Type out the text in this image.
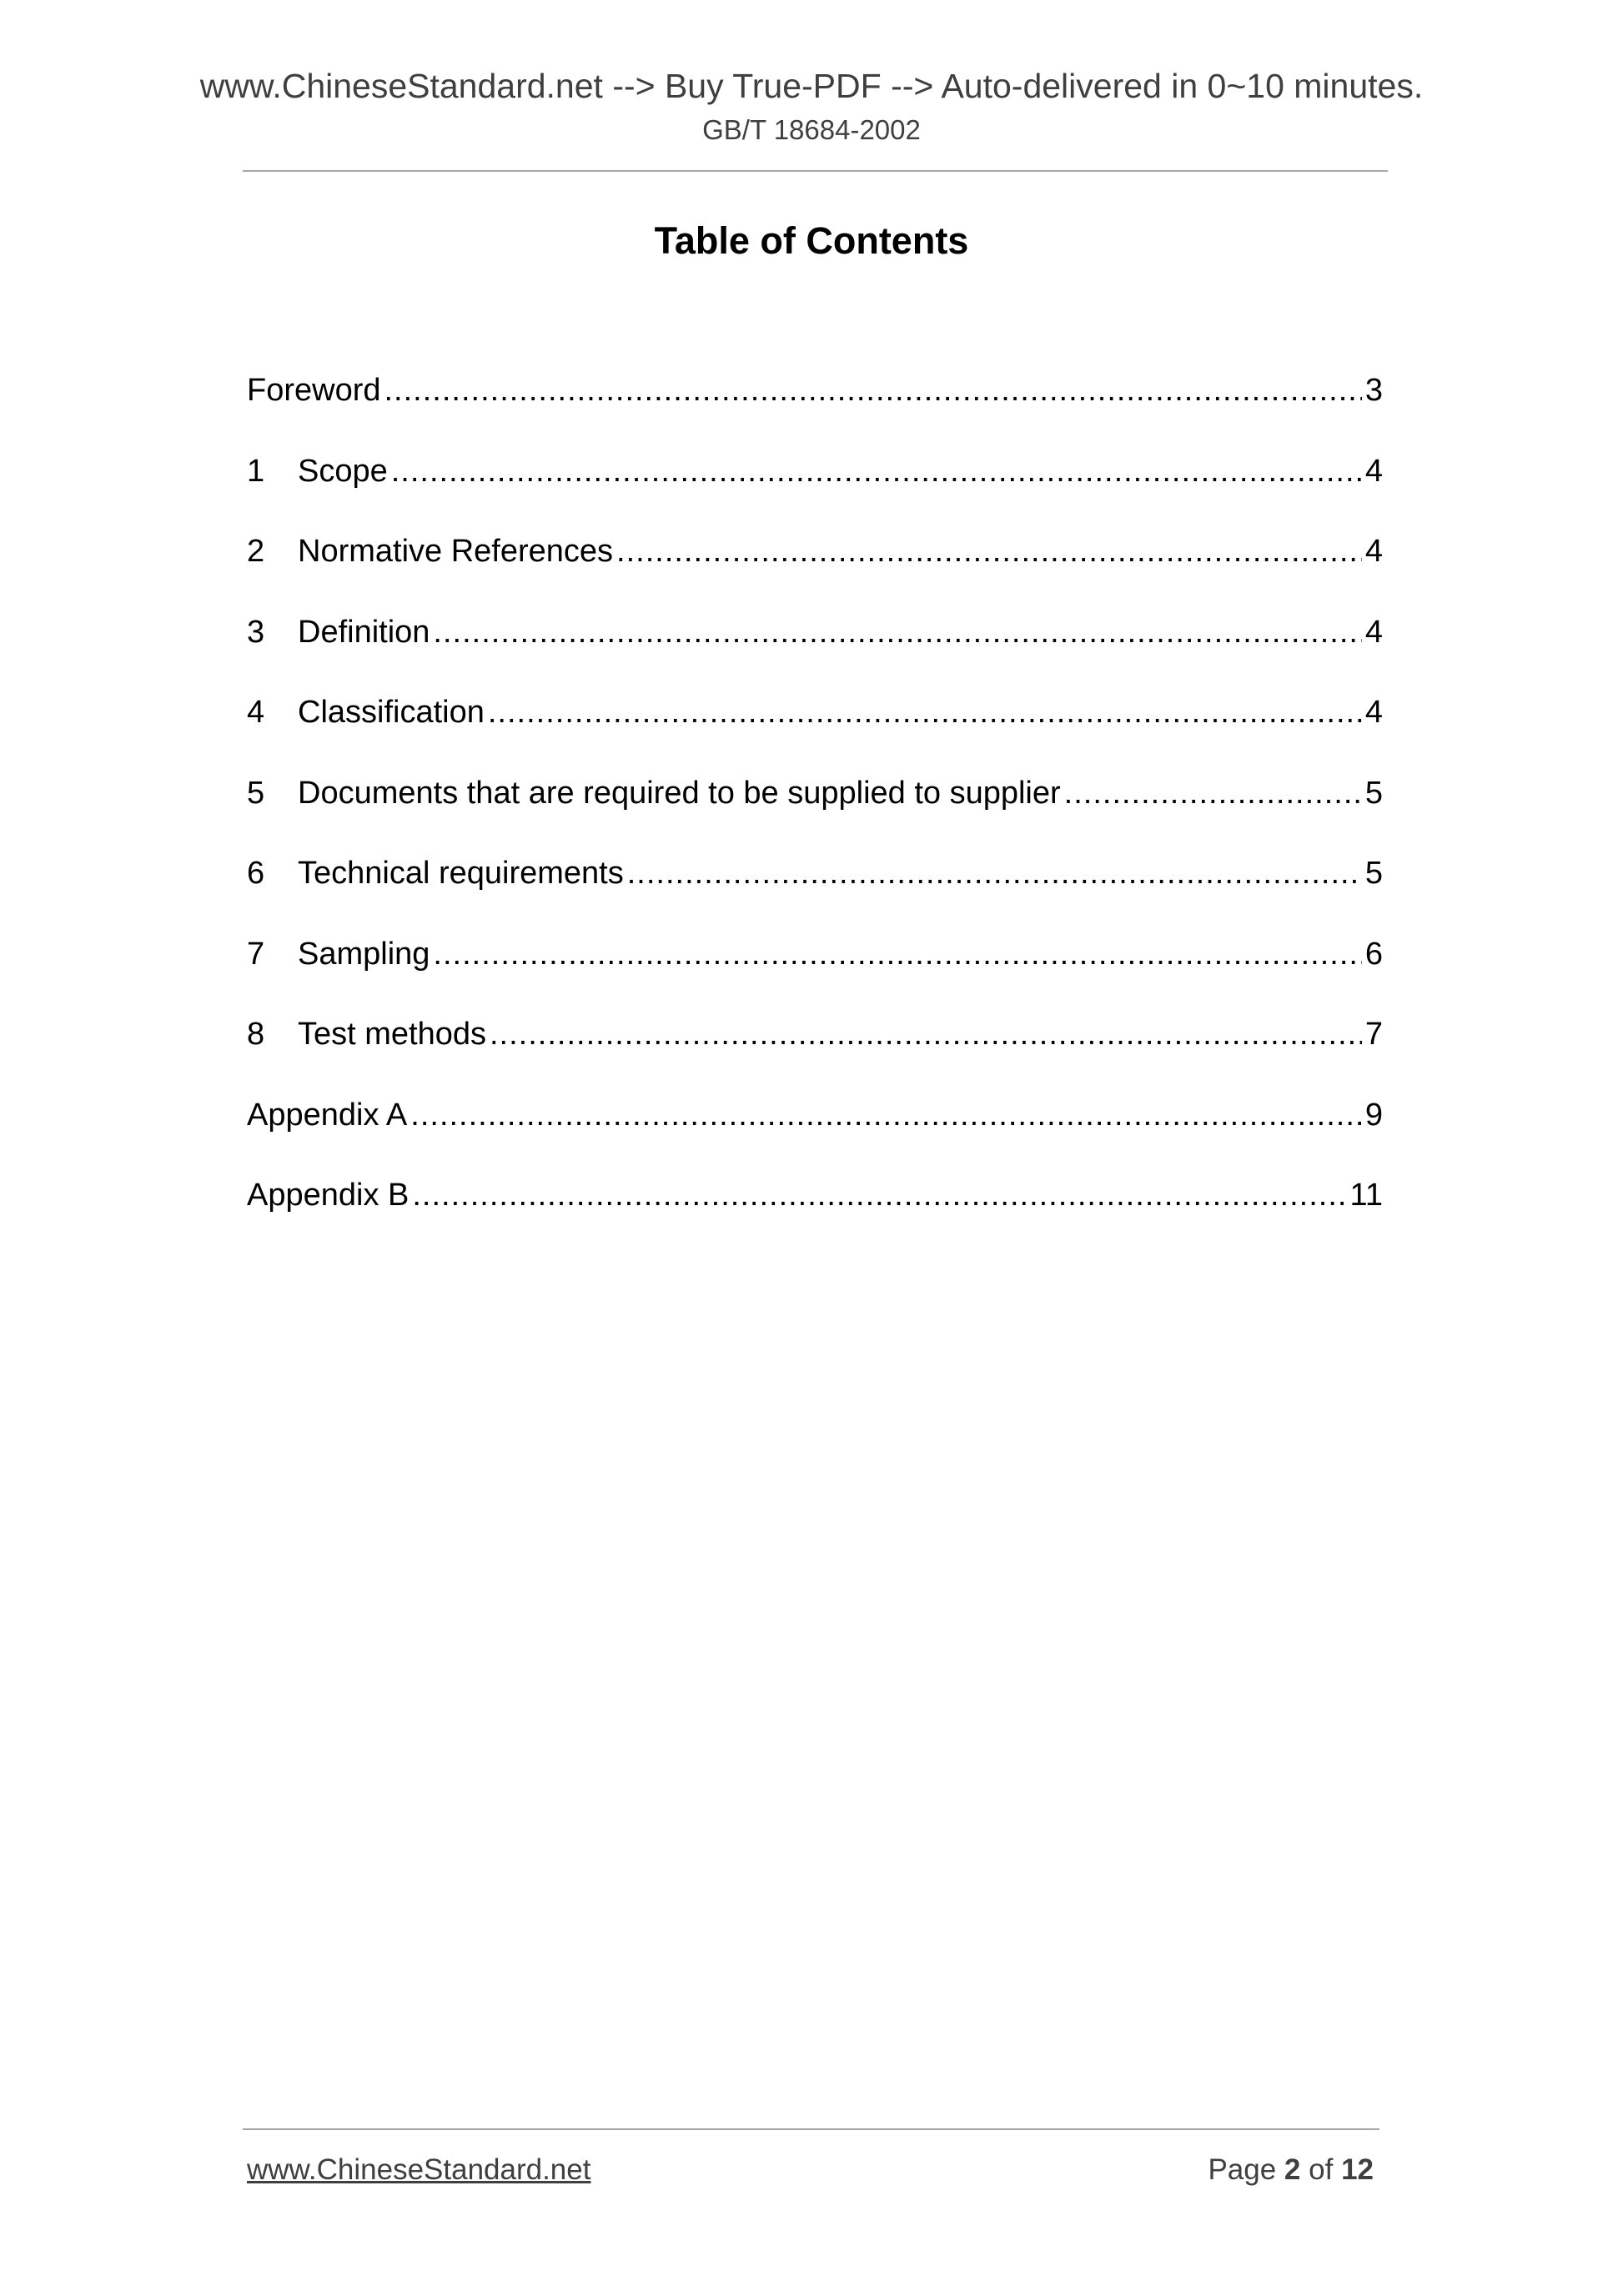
www.ChineseStandard.net --> Buy True-PDF --> Auto-delivered in 0~10 minutes.
GB/T 18684-2002
Table of Contents
Foreword .....	3
1	Scope .....	4
2	Normative References .....	4
3	Definition .....	4
4	Classification .....	4
5	Documents that are required to be supplied to supplier .....	5
6	Technical requirements .....	5
7	Sampling .....	6
8	Test methods .....	7
Appendix A .....	9
Appendix B .....	11
www.ChineseStandard.net	Page 2 of 12
